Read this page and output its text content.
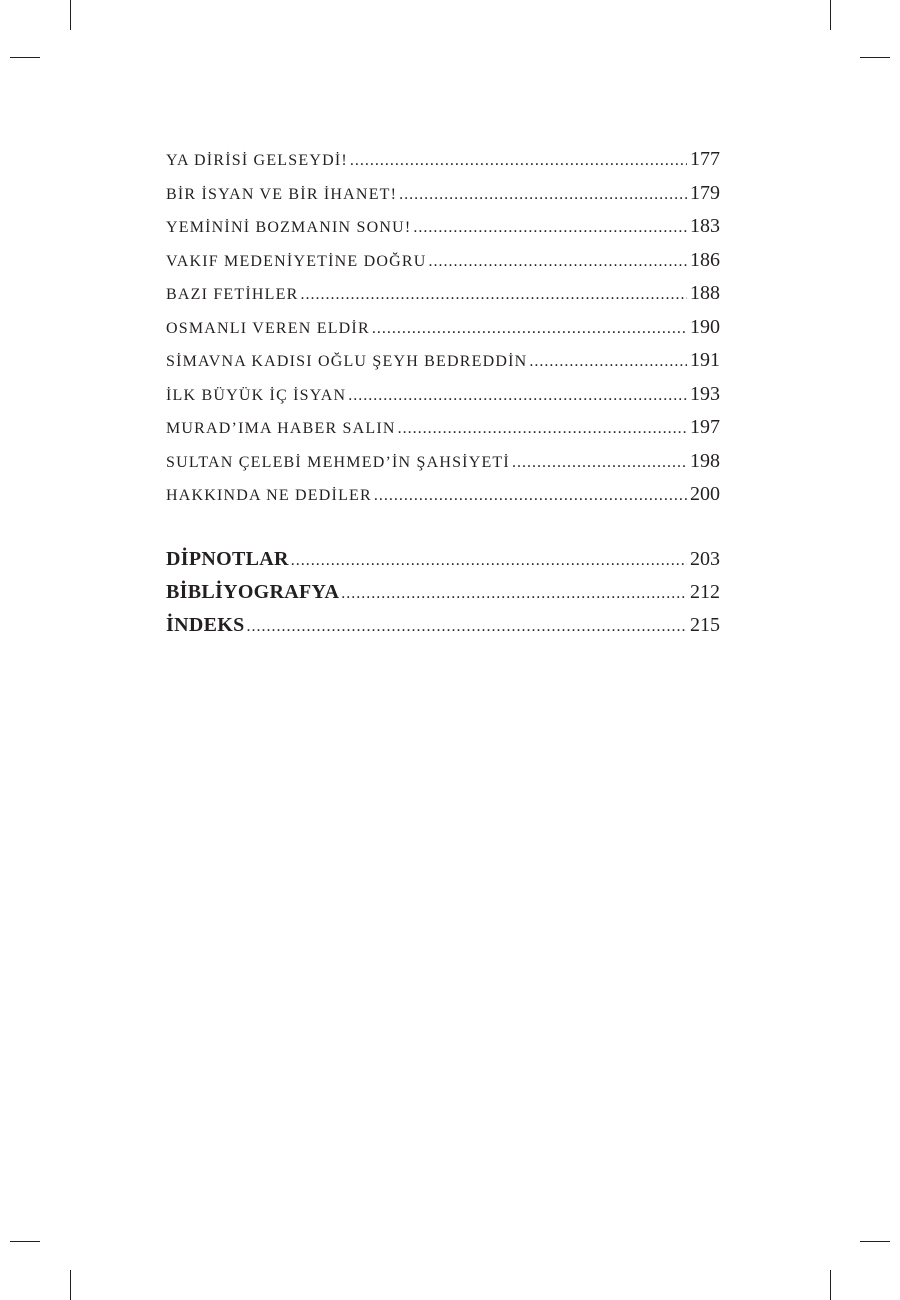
YA DİRİSİ GELSEYDİ! .....	177
BİR İSYAN VE BİR İHANET! .....	179
YEMİNİNİ BOZMANIN SONU! .....	183
VAKIF MEDENİYETİNE DOĞRU .....	186
BAZI FETİHLER .....	188
OSMANLI VEREN ELDİR .....	190
SİMAVNA KADISI OĞLU ŞEYH BEDREDDİN .....	191
İLK BÜYÜK İÇ İSYAN .....	193
MURAD’IMA HABER SALIN .....	197
SULTAN ÇELEBİ MEHMED’İN ŞAHSİYETİ .....	198
HAKKINDA NE DEDİLER .....	200
DİPNOTLAR .....	203
BİBLİYOGRAFYA .....	212
İNDEKS .....	215
